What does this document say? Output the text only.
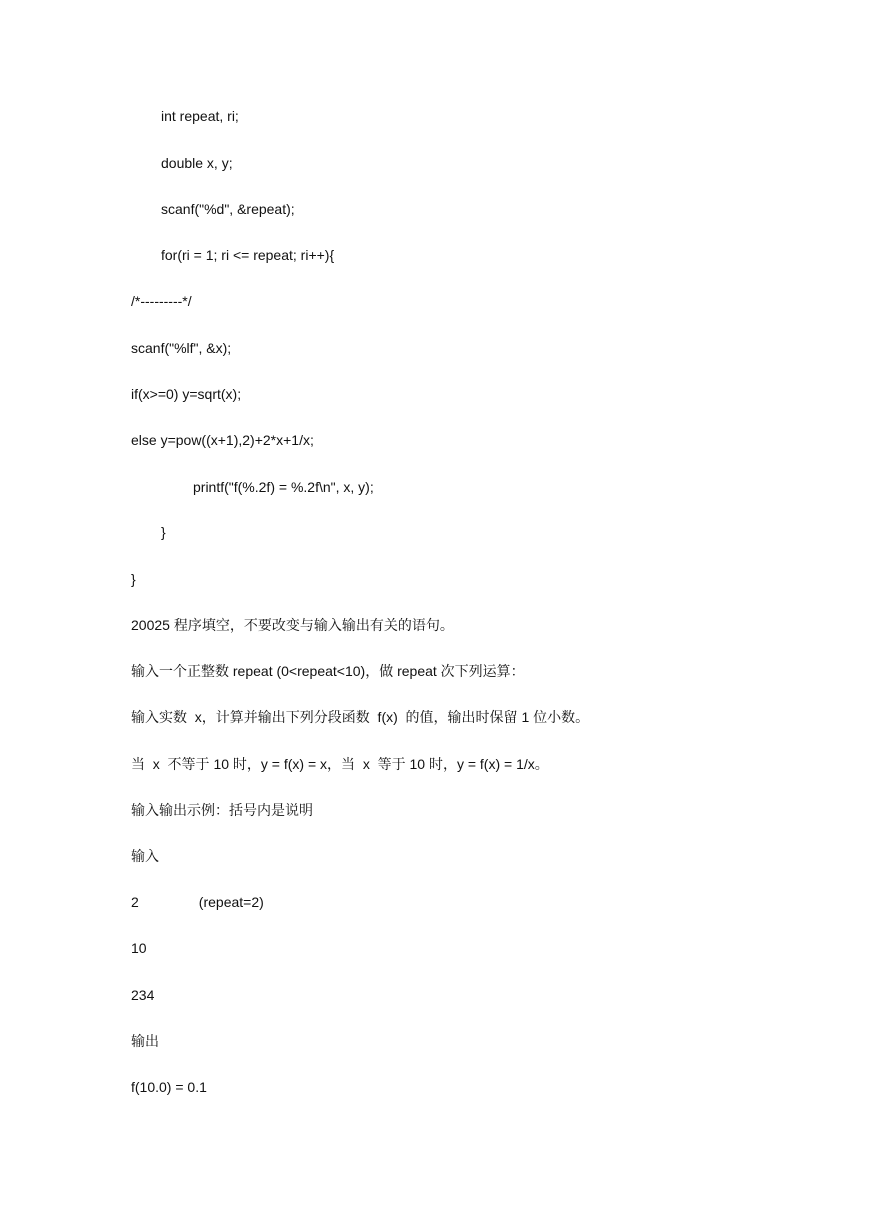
int repeat, ri;

double x, y;

scanf("%d", &repeat);

for(ri = 1; ri <= repeat; ri++){

/*---------*/

scanf("%lf", &x);

if(x>=0) y=sqrt(x);

else y=pow((x+1),2)+2*x+1/x;

printf("f(%.2f) = %.2f\n", x, y);

}

}

20025 程序填空，不要改变与输入输出有关的语句。

输入一个正整数 repeat (0<repeat<10)，做 repeat 次下列运算：

输入实数  x，计算并输出下列分段函数  f(x)  的值，输出时保留 1 位小数。

当  x  不等于 10 时，y = f(x) = x，当  x  等于 10 时，y = f(x) = 1/x。

输入输出示例：括号内是说明

输入

2	(repeat=2)

10

234

输出

f(10.0) = 0.1
